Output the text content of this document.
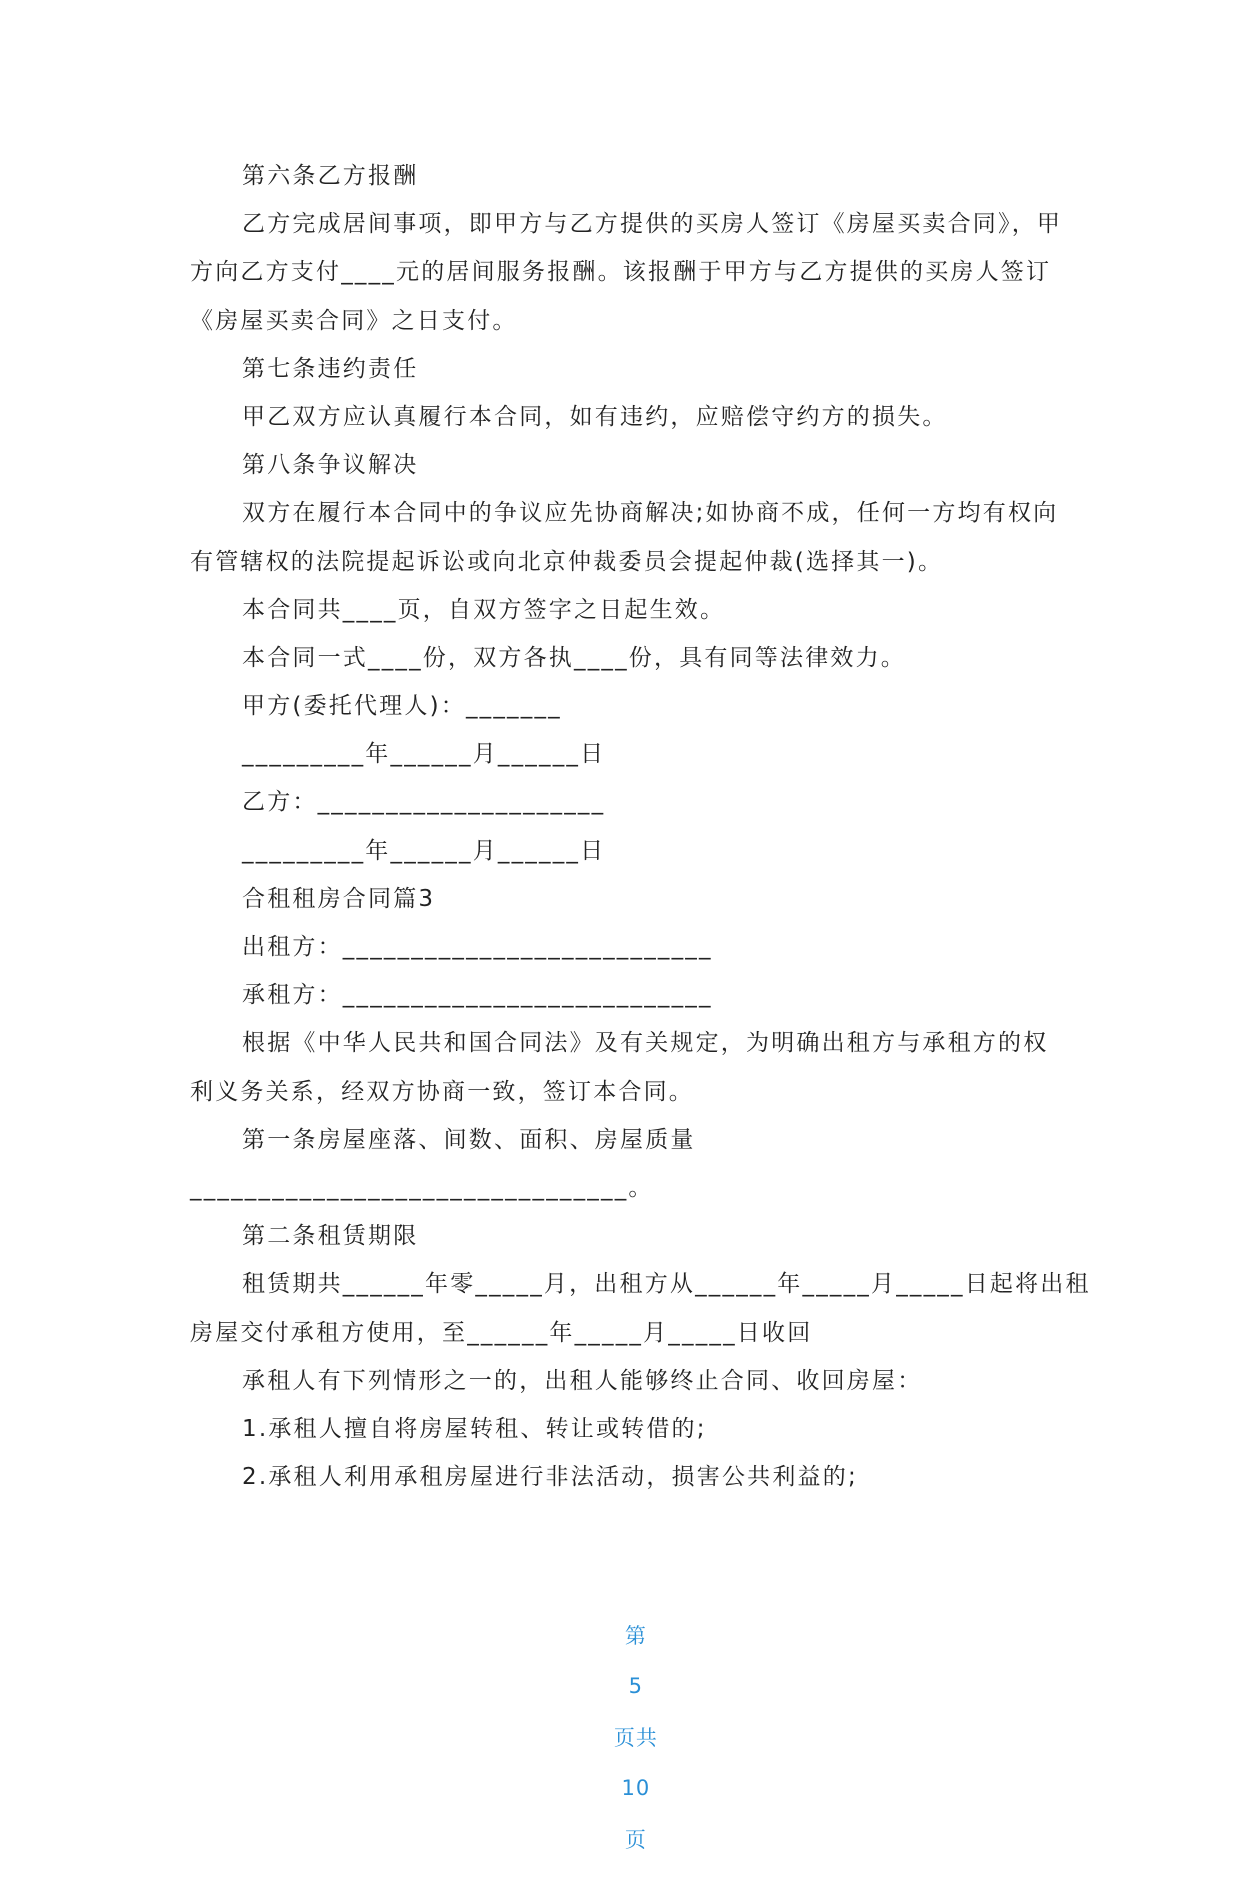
第六条乙方报酬

乙方完成居间事项，即甲方与乙方提供的买房人签订《房屋买卖合同》，甲

方向乙方支付____元的居间服务报酬。该报酬于甲方与乙方提供的买房人签订

《房屋买卖合同》之日支付。

第七条违约责任

甲乙双方应认真履行本合同，如有违约，应赔偿守约方的损失。

第八条争议解决

双方在履行本合同中的争议应先协商解决;如协商不成，任何一方均有权向

有管辖权的法院提起诉讼或向北京仲裁委员会提起仲裁(选择其一)。

本合同共____页，自双方签字之日起生效。

本合同一式____份，双方各执____份，具有同等法律效力。

甲方(委托代理人)：_______

_________年______月______日

乙方：_____________________

_________年______月______日

合租租房合同篇3

出租方：___________________________

承租方：___________________________

根据《中华人民共和国合同法》及有关规定，为明确出租方与承租方的权

利义务关系，经双方协商一致，签订本合同。

第一条房屋座落、间数、面积、房屋质量

________________________________。

第二条租赁期限

租赁期共______年零_____月，出租方从______年_____月_____日起将出租

房屋交付承租方使用，至______年_____月_____日收回

承租人有下列情形之一的，出租人能够终止合同、收回房屋：

1.承租人擅自将房屋转租、转让或转借的;

2.承租人利用承租房屋进行非法活动，损害公共利益的;

第

5

页共

10

页
